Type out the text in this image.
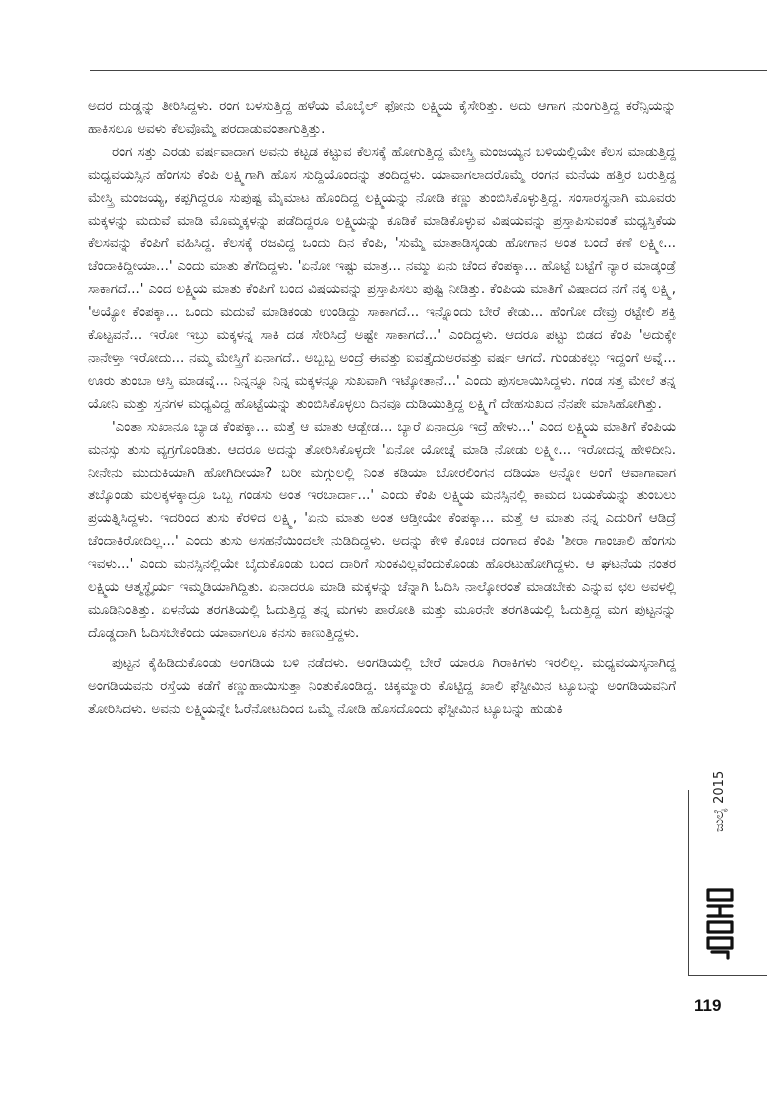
ಅದರ ದುಡ್ಡನ್ನು ತೀರಿಸಿದ್ದಳು. ರಂಗ ಬಳಸುತ್ತಿದ್ದ ಹಳೆಯ ಮೊಬೈಲ್ ಫೋನು ಲಕ್ಷ್ಮಿಯ ಕೈಸೇರಿತ್ತು. ಅದು ಆಗಾಗ ನುಂಗುತ್ತಿದ್ದ ಕರೆನ್ಸಿಯನ್ನು ಹಾಕಿಸಲೂ ಅವಳು ಕೆಲವೊಮ್ಮೆ ಪರದಾಡುವಂತಾಗುತ್ತಿತ್ತು.

ರಂಗ ಸತ್ತು ಎರಡು ವರ್ಷವಾದಾಗ ಅವನು ಕಟ್ಟಡ ಕಟ್ಟುವ ಕೆಲಸಕ್ಕೆ ಹೋಗುತ್ತಿದ್ದ ಮೇಸ್ತ್ರಿ ಮಂಜಯ್ಯನ ಬಳಿಯಲ್ಲಿಯೇ ಕೆಲಸ ಮಾಡುತ್ತಿದ್ದ ಮಧ್ಯವಯಸ್ಸಿನ ಹೆಂಗಸು ಕೆಂಪಿ ಲಕ್ಷ್ಮಿಗಾಗಿ ಹೊಸ ಸುದ್ದಿಯೊಂದನ್ನು ತಂದಿದ್ದಳು. ಯಾವಾಗಲಾದರೊಮ್ಮೆ ರಂಗನ ಮನೆಯ ಹತ್ತಿರ ಬರುತ್ತಿದ್ದ ಮೇಸ್ತ್ರಿ ಮಂಜಯ್ಯ, ಕಪ್ಪಗಿದ್ದರೂ ಸುಪುಷ್ಟ ಮೈಮಾಟ ಹೊಂದಿದ್ದ ಲಕ್ಷ್ಮಿಯನ್ನು ನೋಡಿ ಕಣ್ಣು ತುಂಬಿಸಿಕೊಳ್ಳುತ್ತಿದ್ದ. ಸಂಸಾರಸ್ಥನಾಗಿ ಮೂವರು ಮಕ್ಕಳನ್ನು ಮದುವೆ ಮಾಡಿ ಮೊಮ್ಮಕ್ಕಳನ್ನು ಪಡೆದಿದ್ದರೂ ಲಕ್ಷ್ಮಿಯನ್ನು ಕೂಡಿಕೆ ಮಾಡಿಕೊಳ್ಳುವ ವಿಷಯವನ್ನು ಪ್ರಸ್ತಾಪಿಸುವಂತೆ ಮಧ್ಯಸ್ತಿಕೆಯ ಕೆಲಸವನ್ನು ಕೆಂಪಿಗೆ ವಹಿಸಿದ್ದ. ಕೆಲಸಕ್ಕೆ ರಜವಿದ್ದ ಒಂದು ದಿನ ಕೆಂಪಿ, 'ಸುಮ್ಮೆ ಮಾತಾಡಿಸ್ಕಂಡು ಹೋಗಾನ ಅಂತ ಬಂದೆ ಕಣೆ ಲಕ್ಷ್ಮೀ... ಚೆಂದಾಕಿದ್ದೀಯಾ...' ಎಂದು ಮಾತು ತೆಗೆದಿದ್ದಳು. 'ಏನೋ ಇಷ್ಟು ಮಾತ್ರ... ನಮ್ಮು ಏನು ಚೆಂದ ಕೆಂಪಕ್ಕಾ... ಹೊಟ್ಟೆ ಬಟ್ಟೆಗೆ ನ್ಯಾರ ಮಾಡ್ಕಂಡ್ರೆ ಸಾಕಾಗದೆ...' ಎಂದ ಲಕ್ಷ್ಮಿಯ ಮಾತು ಕೆಂಪಿಗೆ ಬಂದ ವಿಷಯವನ್ನು ಪ್ರಸ್ತಾಪಿಸಲು ಪುಷ್ಟಿ ನೀಡಿತ್ತು. ಕೆಂಪಿಯ ಮಾತಿಗೆ ವಿಷಾದದ ನಗೆ ನಕ್ಕ ಲಕ್ಷ್ಮಿ, 'ಅಯ್ಯೋ ಕೆಂಪಕ್ಕಾ... ಒಂದು ಮದುವೆ ಮಾಡಿಕಂಡು ಉಂಡಿದ್ದು ಸಾಕಾಗದೆ... ಇನ್ನೊಂದು ಬೇರೆ ಕೇಡು... ಹೆಂಗೋ ದೇವ್ರು ರಟ್ಟೇಲಿ ಶಕ್ತಿ ಕೊಟ್ಟವನೆ... ಇರೋ ಇಬ್ರು ಮಕ್ಕಳನ್ನ ಸಾಕಿ ದಡ ಸೇರಿಸಿದ್ರೆ ಅಷ್ಟೇ ಸಾಕಾಗದೆ...' ಎಂದಿದ್ದಳು. ಆದರೂ ಪಟ್ಟು ಬಿಡದ ಕೆಂಪಿ 'ಅದುಕ್ಕೇ ನಾನೇಳ್ತಾ ಇರೋದು... ನಮ್ಮ ಮೇಸ್ತ್ರಿಗೆ ಏನಾಗದೆ.. ಅಬ್ಬಬ್ಬ ಅಂದ್ರೆ ಈವತ್ತು ಐವತ್ತೈದುಅರವತ್ತು ವರ್ಷ ಆಗದೆ. ಗುಂಡುಕಲ್ಲು ಇದ್ದಂಗೆ ಅವ್ನೆ... ಊರು ತುಂಬಾ ಆಸ್ತಿ ಮಾಡವ್ನೆ... ನಿನ್ನನ್ನೂ ನಿನ್ನ ಮಕ್ಕಳನ್ನೂ ಸುಖವಾಗಿ ಇಟ್ಕೋತಾನೆ...' ಎಂದು ಪುಸಲಾಯಿಸಿದ್ದಳು. ಗಂಡ ಸತ್ತ ಮೇಲೆ ತನ್ನ ಯೋನಿ ಮತ್ತು ಸ್ತನಗಳ ಮಧ್ಯವಿದ್ದ ಹೊಟ್ಟೆಯನ್ನು ತುಂಬಿಸಿಕೊಳ್ಳಲು ದಿನವೂ ದುಡಿಯುತ್ತಿದ್ದ ಲಕ್ಷ್ಮಿಗೆ ದೇಹಸುಖದ ನೆನಪೇ ಮಾಸಿಹೋಗಿತ್ತು.

'ಎಂತಾ ಸುಖಾನೂ ಬ್ಯಾಡ ಕೆಂಪಕ್ಕಾ... ಮತ್ತೆ ಆ ಮಾತು ಆಡ್ಬೇಡ... ಬ್ಯಾರೆ ಏನಾದ್ರೂ ಇದ್ರೆ ಹೇಳು...' ಎಂದ ಲಕ್ಷ್ಮಿಯ ಮಾತಿಗೆ ಕೆಂಪಿಯ ಮನಸ್ಸು ತುಸು ವ್ಯಗ್ರಗೊಂಡಿತು. ಆದರೂ ಅದನ್ನು ತೋರಿಸಿಕೊಳ್ಳದೇ 'ಏನೋ ಯೋಚ್ನೆ ಮಾಡಿ ನೋಡು ಲಕ್ಷ್ಮೀ... ಇರೋದನ್ನ ಹೇಳಿದೀನಿ. ನೀನೇನು ಮುದುಕಿಯಾಗಿ ಹೋಗಿದೀಯಾ? ಬರೀ ಮಗ್ಗುಲಲ್ಲಿ ನಿಂತ ಕಡಿಯಾ ಬೋರಲಿಂಗನ ದಡಿಯಾ ಅನ್ನೋ ಅಂಗೆ ಆವಾಗಾವಾಗ ತಬ್ಕೊಂಡು ಮಲಕ್ಕಳಕ್ಕಾದ್ರೂ ಒಬ್ಬ ಗಂಡಸು ಅಂತ ಇರಬಾರ್ದಾ...' ಎಂದು ಕೆಂಪಿ ಲಕ್ಷ್ಮಿಯ ಮನಸ್ಸಿನಲ್ಲಿ ಕಾಮದ ಬಯಕೆಯನ್ನು ತುಂಬಲು ಪ್ರಯತ್ನಿಸಿದ್ದಳು. ಇದರಿಂದ ತುಸು ಕೆರಳಿದ ಲಕ್ಷ್ಮಿ, 'ಏನು ಮಾತು ಅಂತ ಆಡ್ತೀಯೇ ಕೆಂಪಕ್ಕಾ... ಮತ್ತೆ ಆ ಮಾತು ನನ್ನ ಎದುರಿಗೆ ಆಡಿದ್ರೆ ಚೆಂದಾಕಿರೋದಿಲ್ಲ...' ಎಂದು ತುಸು ಅಸಹನೆಯಿಂದಲೇ ನುಡಿದಿದ್ದಳು. ಅದನ್ನು ಕೇಳಿ ಕೊಂಚ ದಂಗಾದ ಕೆಂಪಿ 'ಶೀರಾ ಗಾಂಚಾಲಿ ಹೆಂಗಸು ಇವಳು...' ಎಂದು ಮನಸ್ಸಿನಲ್ಲಿಯೇ ಬೈದುಕೊಂಡು ಬಂದ ದಾರಿಗೆ ಸುಂಕವಿಲ್ಲವೆಂದುಕೊಂಡು ಹೊರಟುಹೋಗಿದ್ದಳು. ಆ ಘಟನೆಯ ನಂತರ ಲಕ್ಷ್ಮಿಯ ಆತ್ಮಸ್ಥೈರ್ಯ ಇಮ್ಮಡಿಯಾಗಿದ್ದಿತು. ಏನಾದರೂ ಮಾಡಿ ಮಕ್ಕಳನ್ನು ಚೆನ್ನಾಗಿ ಓದಿಸಿ ನಾಲ್ಕೋರಂತೆ ಮಾಡಬೇಕು ಎನ್ನುವ ಛಲ ಅವಳಲ್ಲಿ ಮೂಡಿನಿಂತಿತ್ತು. ಏಳನೆಯ ತರಗತಿಯಲ್ಲಿ ಓದುತ್ತಿದ್ದ ತನ್ನ ಮಗಳು ಪಾರೋತಿ ಮತ್ತು ಮೂರನೇ ತರಗತಿಯಲ್ಲಿ ಓದುತ್ತಿದ್ದ ಮಗ ಪುಟ್ಟನನ್ನು ದೊಡ್ಡದಾಗಿ ಓದಿಸಬೇಕೆಂದು ಯಾವಾಗಲೂ ಕನಸು ಕಾಣುತ್ತಿದ್ದಳು.

ಪುಟ್ಟನ ಕೈಹಿಡಿದುಕೊಂಡು ಅಂಗಡಿಯ ಬಳಿ ನಡೆದಳು. ಅಂಗಡಿಯಲ್ಲಿ ಬೇರೆ ಯಾರೂ ಗಿರಾಕಿಗಳು ಇರಲಿಲ್ಲ. ಮಧ್ಯವಯಸ್ಕನಾಗಿದ್ದ ಅಂಗಡಿಯವನು ರಸ್ತೆಯ ಕಡೆಗೆ ಕಣ್ಣುಹಾಯಿಸುತ್ತಾ ನಿಂತುಕೊಂಡಿದ್ದ. ಚಿಕ್ಕಮ್ಮಾರು ಕೊಟ್ಟಿದ್ದ ಖಾಲಿ ಫೆಸ್ಟೀಮಿನ ಟ್ಯೂಬನ್ನು ಅಂಗಡಿಯವನಿಗೆ ತೋರಿಸಿದಳು. ಅವನು ಲಕ್ಷ್ಮಿಯನ್ನೇ ಓರೆನೋಟದಿಂದ ಒಮ್ಮೆ ನೋಡಿ ಹೊಸದೊಂದು ಫೆಸ್ಟೀಮಿನ ಟ್ಯೂಬನ್ನು ಹುಡುಕಿ

ಜುಲೈ 2015
119
